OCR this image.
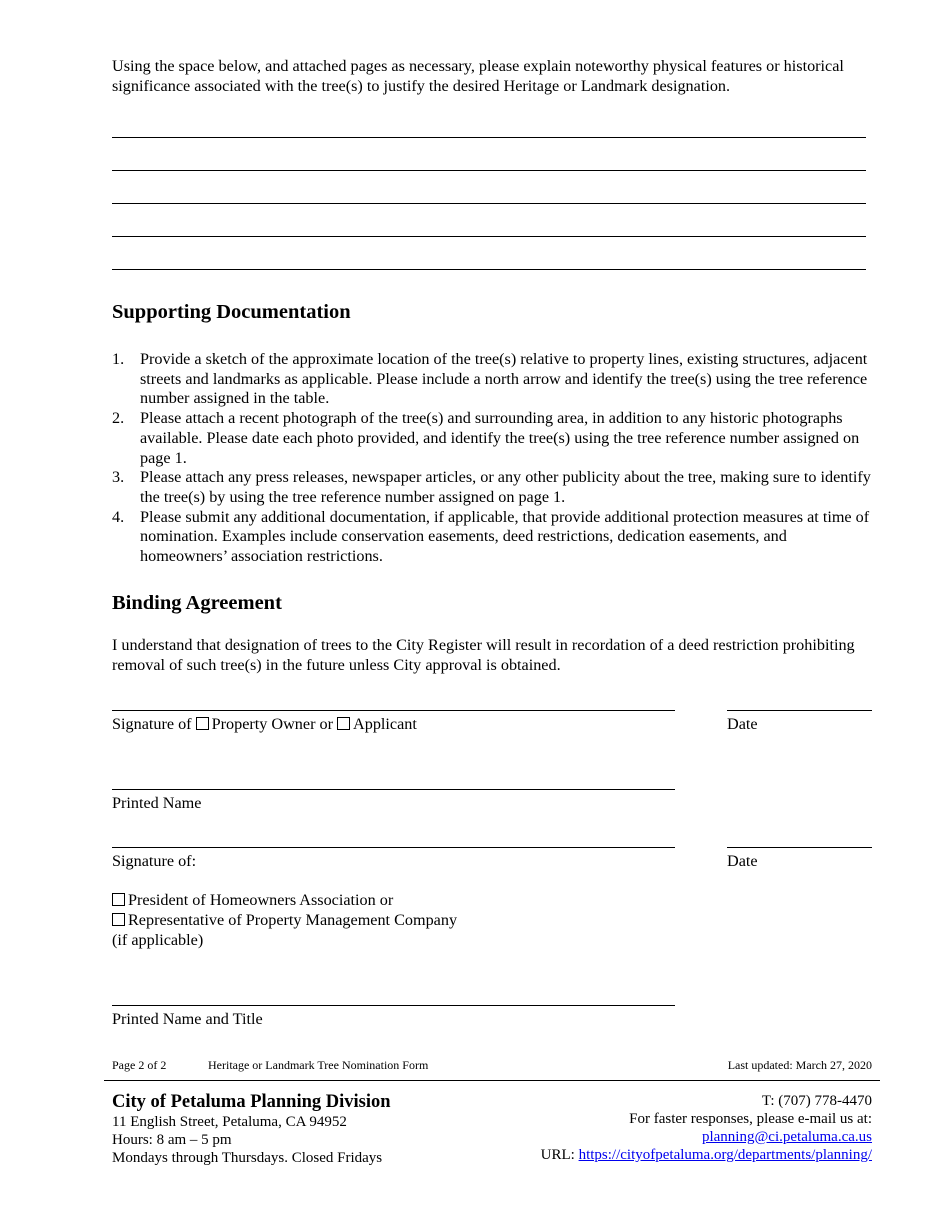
Using the space below, and attached pages as necessary, please explain noteworthy physical features or historical significance associated with the tree(s) to justify the desired Heritage or Landmark designation.
Supporting Documentation
1. Provide a sketch of the approximate location of the tree(s) relative to property lines, existing structures, adjacent streets and landmarks as applicable. Please include a north arrow and identify the tree(s) using the tree reference number assigned in the table.
2. Please attach a recent photograph of the tree(s) and surrounding area, in addition to any historic photographs available. Please date each photo provided, and identify the tree(s) using the tree reference number assigned on page 1.
3. Please attach any press releases, newspaper articles, or any other publicity about the tree, making sure to identify the tree(s) by using the tree reference number assigned on page 1.
4. Please submit any additional documentation, if applicable, that provide additional protection measures at time of nomination. Examples include conservation easements, deed restrictions, dedication easements, and homeowners’ association restrictions.
Binding Agreement
I understand that designation of trees to the City Register will result in recordation of a deed restriction prohibiting removal of such tree(s) in the future unless City approval is obtained.
Signature of Property Owner or Applicant	Date
Printed Name
Signature of:	Date
President of Homeowners Association or
Representative of Property Management Company
(if applicable)
Printed Name and Title
Page 2 of 2	Heritage or Landmark Tree Nomination Form	Last updated: March 27, 2020
City of Petaluma Planning Division
11 English Street, Petaluma, CA 94952
Hours: 8 am – 5 pm
Mondays through Thursdays. Closed Fridays
T: (707) 778-4470
For faster responses, please e-mail us at:
planning@ci.petaluma.ca.us
URL: https://cityofpetaluma.org/departments/planning/
